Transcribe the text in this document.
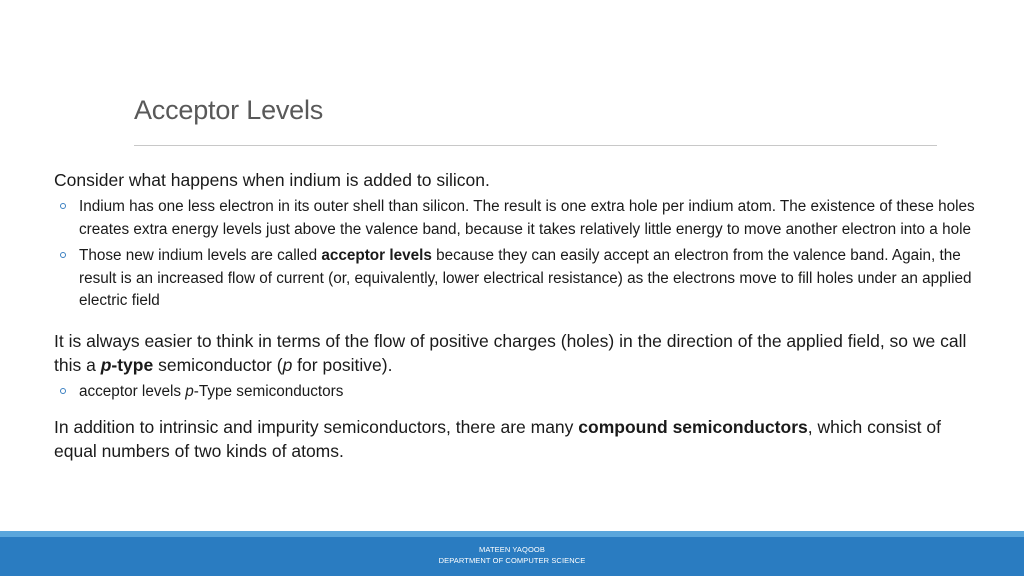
Acceptor Levels

Consider what happens when indium is added to silicon.

Indium has one less electron in its outer shell than silicon. The result is one extra hole per indium atom. The existence of these holes creates extra energy levels just above the valence band, because it takes relatively little energy to move another electron into a hole
Those new indium levels are called acceptor levels because they can easily accept an electron from the valence band. Again, the result is an increased flow of current (or, equivalently, lower electrical resistance) as the electrons move to fill holes under an applied electric field

It is always easier to think in terms of the flow of positive charges (holes) in the direction of the applied field, so we call this a p-type semiconductor (p for positive).

acceptor levels p-Type semiconductors

In addition to intrinsic and impurity semiconductors, there are many compound semiconductors, which consist of equal numbers of two kinds of atoms.

MATEEN YAQOOB
DEPARTMENT OF COMPUTER SCIENCE
